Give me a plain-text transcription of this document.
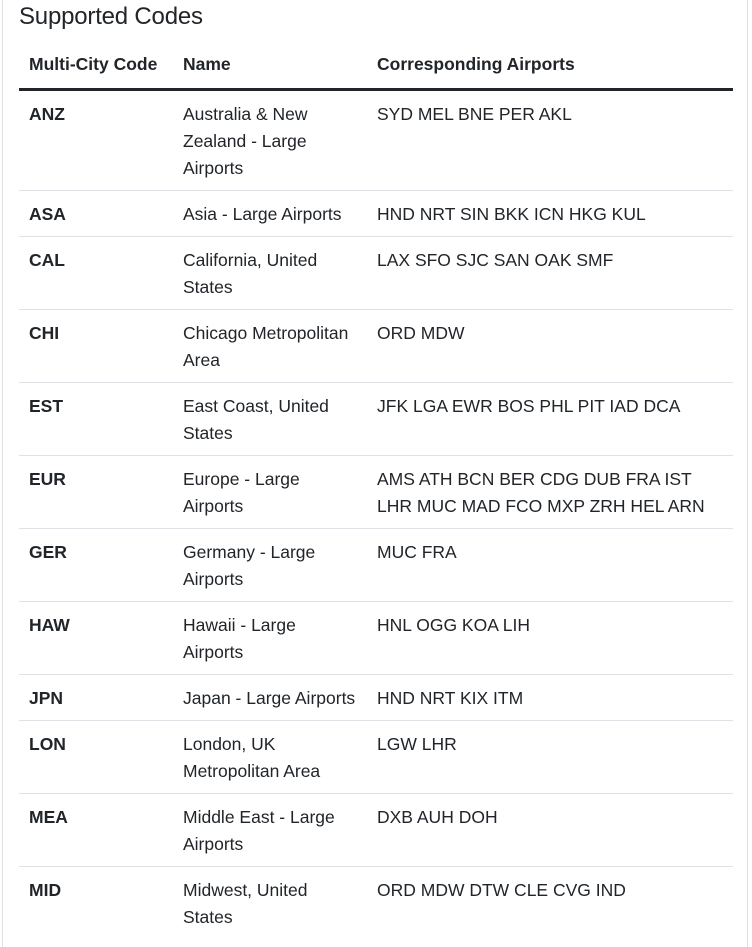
Supported Codes
Multi-City Code	Name	Corresponding Airports
ANZ	Australia & New Zealand - Large Airports	SYD MEL BNE PER AKL
ASA	Asia - Large Airports	HND NRT SIN BKK ICN HKG KUL
CAL	California, United States	LAX SFO SJC SAN OAK SMF
CHI	Chicago Metropolitan Area	ORD MDW
EST	East Coast, United States	JFK LGA EWR BOS PHL PIT IAD DCA
EUR	Europe - Large Airports	AMS ATH BCN BER CDG DUB FRA IST LHR MUC MAD FCO MXP ZRH HEL ARN
GER	Germany - Large Airports	MUC FRA
HAW	Hawaii - Large Airports	HNL OGG KOA LIH
JPN	Japan - Large Airports	HND NRT KIX ITM
LON	London, UK Metropolitan Area	LGW LHR
MEA	Middle East - Large Airports	DXB AUH DOH
MID	Midwest, United States	ORD MDW DTW CLE CVG IND
